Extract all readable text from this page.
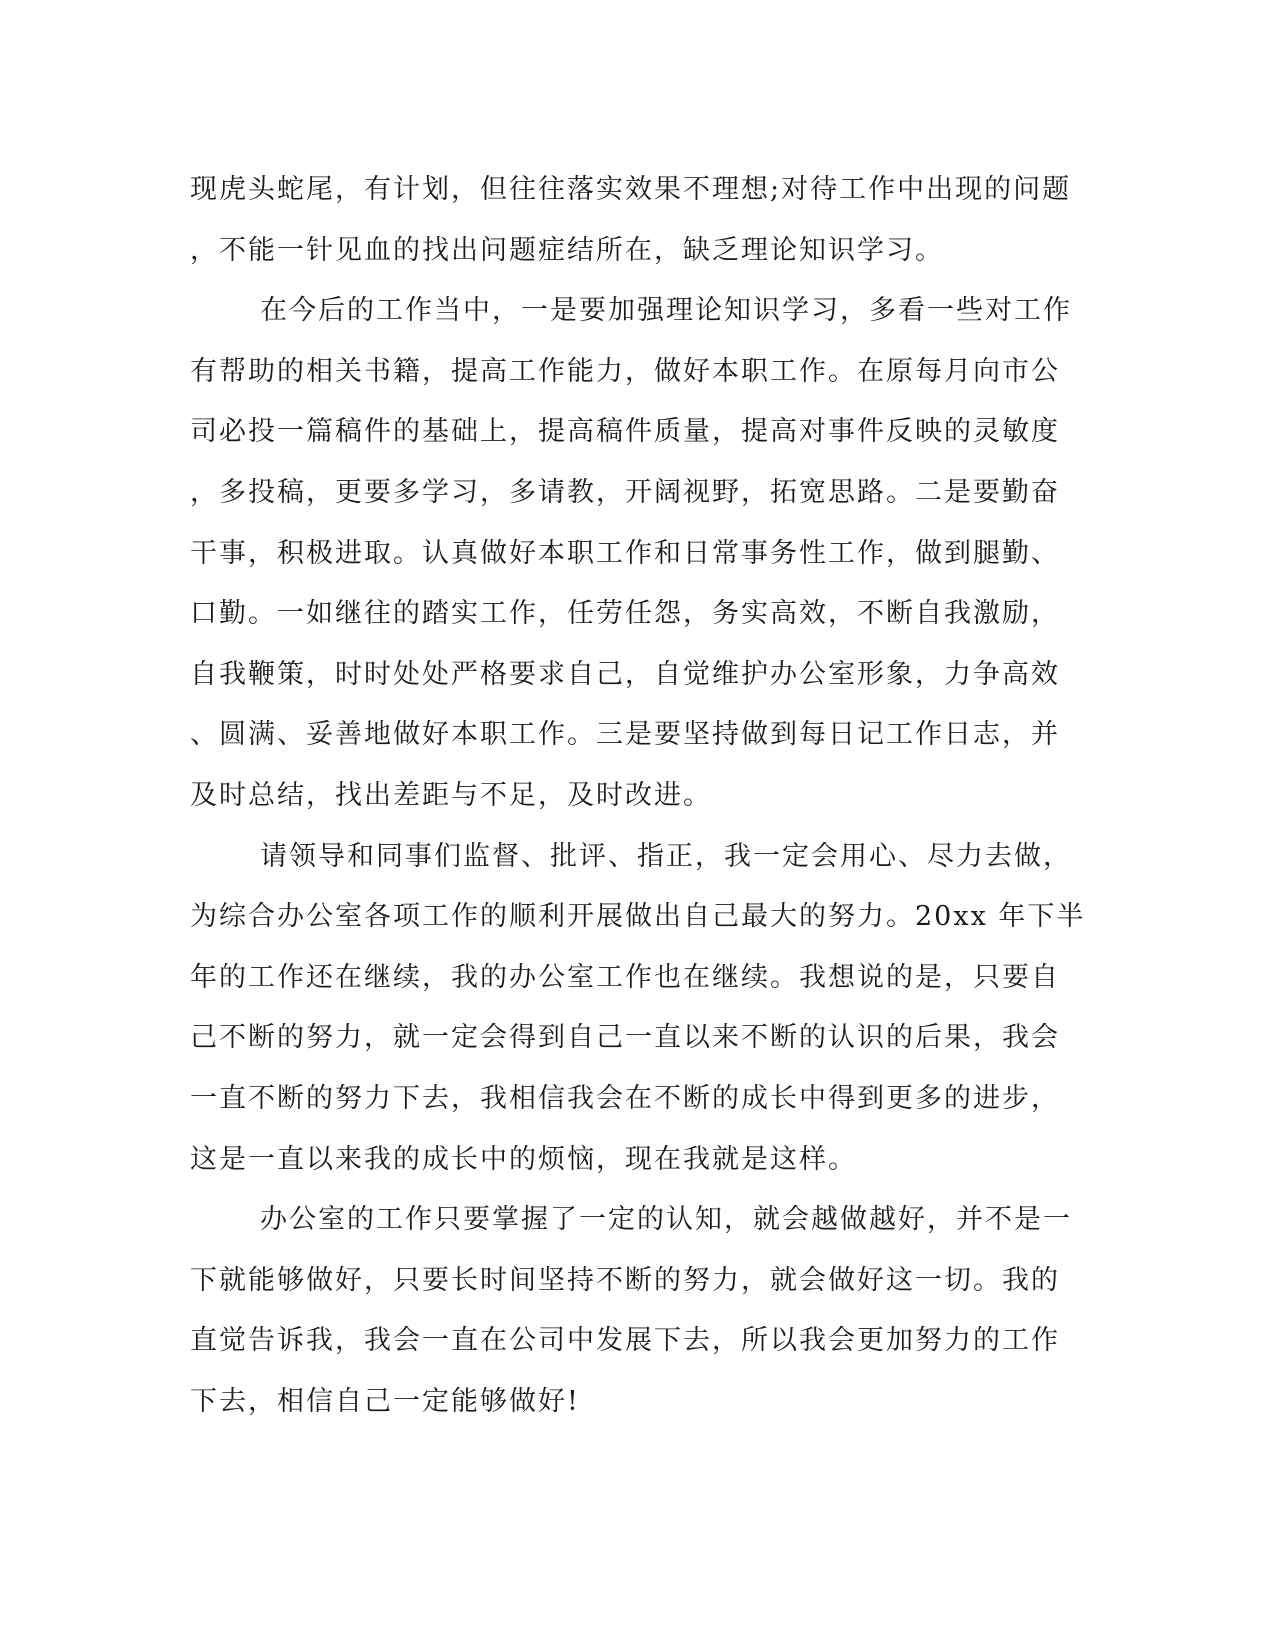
现虎头蛇尾，有计划，但往往落实效果不理想;对待工作中出现的问题
，不能一针见血的找出问题症结所在，缺乏理论知识学习。
在今后的工作当中，一是要加强理论知识学习，多看一些对工作
有帮助的相关书籍，提高工作能力，做好本职工作。在原每月向市公
司必投一篇稿件的基础上，提高稿件质量，提高对事件反映的灵敏度
，多投稿，更要多学习，多请教，开阔视野，拓宽思路。二是要勤奋
干事，积极进取。认真做好本职工作和日常事务性工作，做到腿勤、
口勤。一如继往的踏实工作，任劳任怨，务实高效，不断自我激励，
自我鞭策，时时处处严格要求自己，自觉维护办公室形象，力争高效
、圆满、妥善地做好本职工作。三是要坚持做到每日记工作日志，并
及时总结，找出差距与不足，及时改进。
请领导和同事们监督、批评、指正，我一定会用心、尽力去做，
为综合办公室各项工作的顺利开展做出自己最大的努力。20xx 年下半
年的工作还在继续，我的办公室工作也在继续。我想说的是，只要自
己不断的努力，就一定会得到自己一直以来不断的认识的后果，我会
一直不断的努力下去，我相信我会在不断的成长中得到更多的进步，
这是一直以来我的成长中的烦恼，现在我就是这样。
办公室的工作只要掌握了一定的认知，就会越做越好，并不是一
下就能够做好，只要长时间坚持不断的努力，就会做好这一切。我的
直觉告诉我，我会一直在公司中发展下去，所以我会更加努力的工作
下去，相信自己一定能够做好!
